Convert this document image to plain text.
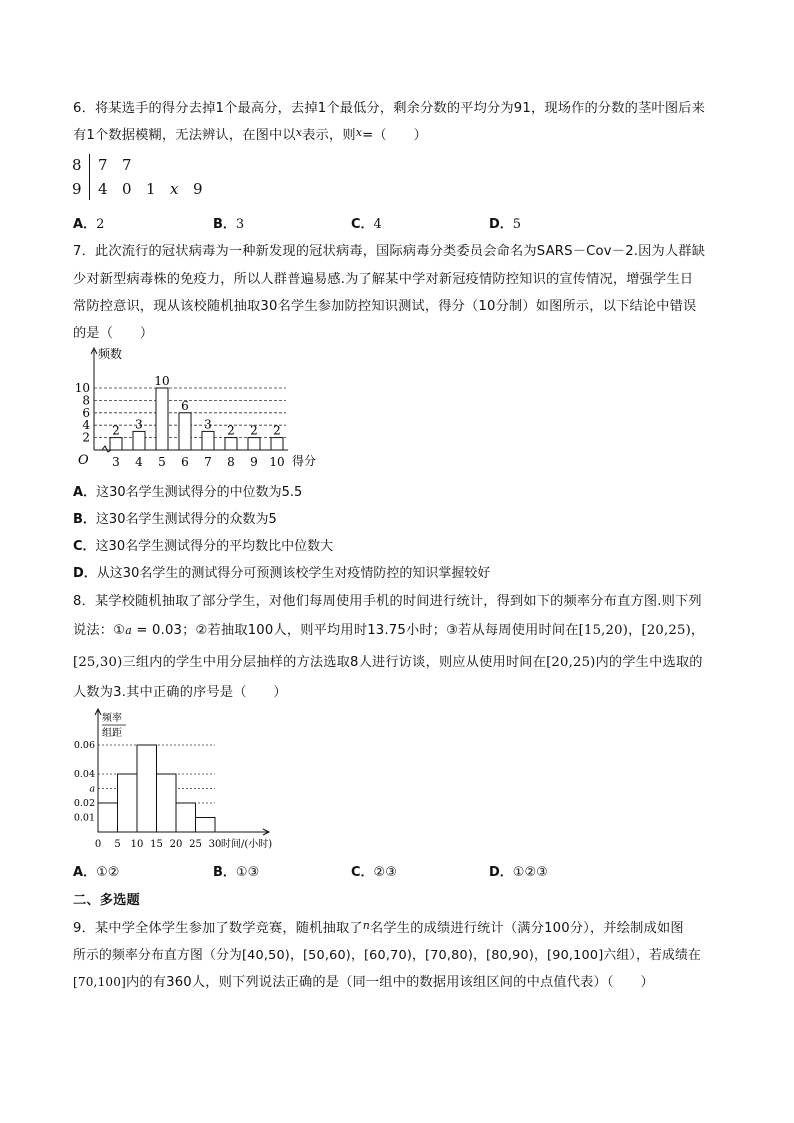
6．将某选手的得分去掉1个最高分，去掉1个最低分，剩余分数的平均分为91，现场作的分数的茎叶图后来
有1个数据模糊，无法辨认，在图中以$^x$表示，则$^x$=（　　）
8 7 7
9 4 0 1 x 9
A．2	B．3	C．4	D．5
7．此次流行的冠状病毒为一种新发现的冠状病毒，国际病毒分类委员会命名为SARS－Cov－2.因为人群缺
少对新型病毒株的免疫力，所以人群普遍易感.为了解某中学对新冠疫情防控知识的宣传情况，增强学生日
常防控意识，现从该校随机抽取30名学生参加防控知识测试，得分（10分制）如图所示，以下结论中错误
的是（　　）
频数
得分
O
2
4
6
8
10
2
3
3
4
10
5
6
6
3
7
2
8
2
9
2
10
A．这30名学生测试得分的中位数为5.5
B．这30名学生测试得分的众数为5
C．这30名学生测试得分的平均数比中位数大
D．从这30名学生的测试得分可预测该校学生对疫情防控的知识掌握较好
8．某学校随机抽取了部分学生，对他们每周使用手机的时间进行统计，得到如下的频率分布直方图.则下列
说法：①a = 0.03；②若抽取100人，则平均用时13.75小时；③若从每周使用时间在[15,20)，[20,25)，
[25,30)三组内的学生中用分层抽样的方法选取8人进行访谈，则应从使用时间在[20,25)内的学生中选取的
人数为3.其中正确的序号是（　　）
频率
组距
0.01
0.02
a
0.04
0.06
0 5 10 15 20 25 30 时间/(小时)
A．①②	B．①③	C．②③	D．①②③
二、多选题
9．某中学全体学生参加了数学竞赛，随机抽取了$^n$名学生的成绩进行统计（满分100分），并绘制成如图
所示的频率分布直方图（分为[40,50)，[50,60)，[60,70)，[70,80)，[80,90)，[90,100]六组），若成绩在
[70,100]内的有360人，则下列说法正确的是（同一组中的数据用该组区间的中点值代表）（　　）
